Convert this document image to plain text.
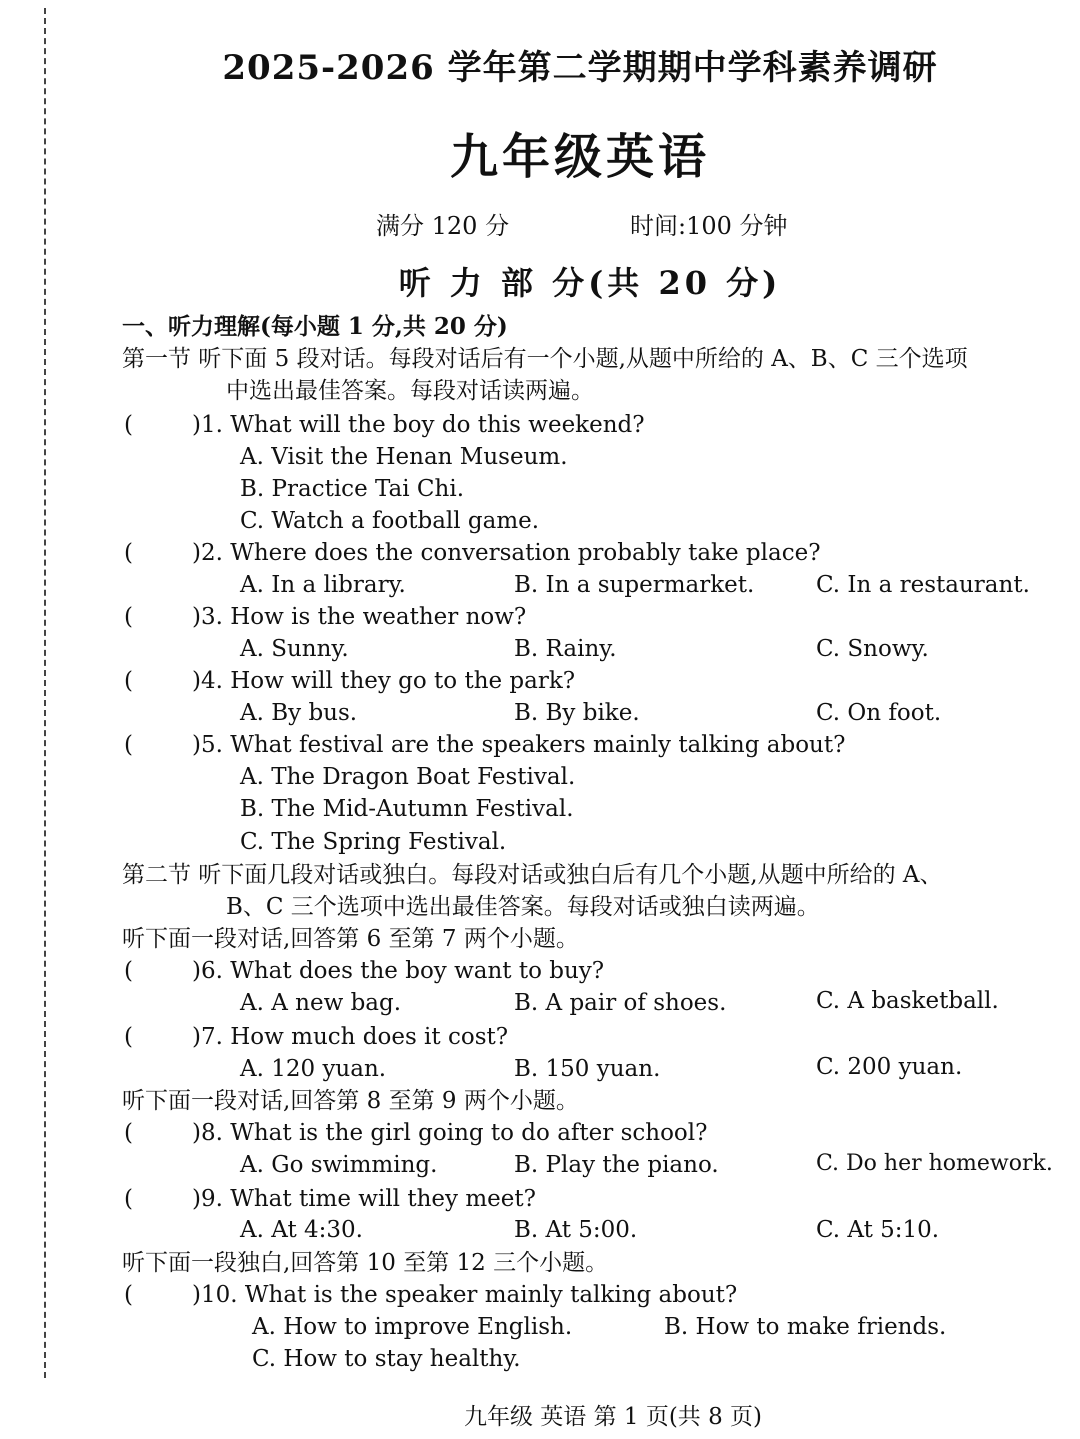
2025-2026 学年第二学期期中学科素养调研
九年级英语
满分 120 分	时间:100 分钟
听 力 部 分(共 20 分)
一、听力理解(每小题 1 分,共 20 分)
第一节 听下面 5 段对话。每段对话后有一个小题,从题中所给的 A、B、C 三个选项
中选出最佳答案。每段对话读两遍。
(	)1. What will the boy do this weekend?
A. Visit the Henan Museum.
B. Practice Tai Chi.
C. Watch a football game.
(	)2. Where does the conversation probably take place?
A. In a library.	B. In a supermarket.	C. In a restaurant.
(	)3. How is the weather now?
A. Sunny.	B. Rainy.	C. Snowy.
(	)4. How will they go to the park?
A. By bus.	B. By bike.	C. On foot.
(	)5. What festival are the speakers mainly talking about?
A. The Dragon Boat Festival.
B. The Mid-Autumn Festival.
C. The Spring Festival.
第二节 听下面几段对话或独白。每段对话或独白后有几个小题,从题中所给的 A、
B、C 三个选项中选出最佳答案。每段对话或独白读两遍。
听下面一段对话,回答第 6 至第 7 两个小题。
(	)6. What does the boy want to buy?
A. A new bag.	B. A pair of shoes.	C. A basketball.
(	)7. How much does it cost?
A. 120 yuan.	B. 150 yuan.	C. 200 yuan.
听下面一段对话,回答第 8 至第 9 两个小题。
(	)8. What is the girl going to do after school?
A. Go swimming.	B. Play the piano.	C. Do her homework.
(	)9. What time will they meet?
A. At 4:30.	B. At 5:00.	C. At 5:10.
听下面一段独白,回答第 10 至第 12 三个小题。
(	)10. What is the speaker mainly talking about?
A. How to improve English.	B. How to make friends.
C. How to stay healthy.
九年级 英语 第 1 页(共 8 页)
